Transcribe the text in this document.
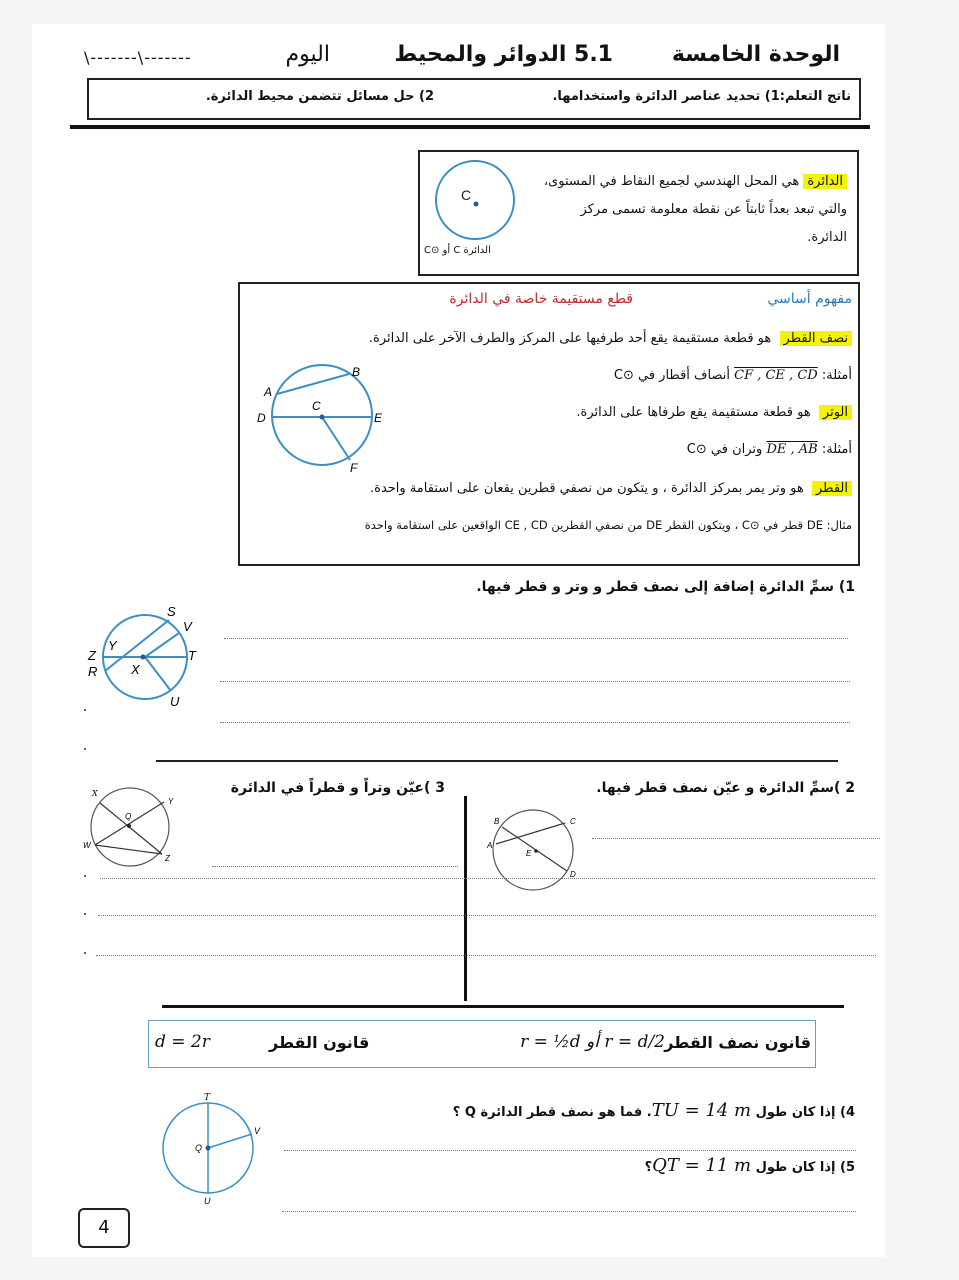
الوحدة الخامسة
5.1 الدوائر والمحيط
اليوم
\-------\-------
ناتج التعلم:1) تحديد عناصر الدائرة واستخدامها.
2) حل مسائل تتضمن محيط الدائرة.
C
الدائرة C أو ⊙C
الدائرة هي المحل الهندسي لجميع النقاط في المستوى، والتي تبعد بعداً ثابتاً عن نقطة معلومة تسمى مركز الدائرة.
مفهوم أساسي
قطع مستقيمة خاصة في الدائرة
نصف القطر  هو قطعة مستقيمة يقع أحد طرفيها على المركز والطرف الآخر على الدائرة.
أمثلة: CF , CE , CD أنصاف أقطار في ⊙C
الوتر  هو قطعة مستقيمة يقع طرفاها على الدائرة.
أمثلة: DE , AB وتران في ⊙C
القطر  هو وتر يمر بمركز الدائرة ، و يتكون من نصفي قطرين يقعان على استقامة واحدة.
مثال: DE قطر في ⊙C ، ويتكون القطر DE من نصفي القطرين CE , CD الواقعين على استقامة واحدة
A
B
C
D	E
F
1) سمِّ الدائرة إضافة إلى نصف قطر و وتر و قطر فيها.
S
V
Z
Y
T
R	X
U
3 )عيّن وتراً و قطراً في الدائرة
X
Y
Q
W
Z
2 )سمِّ الدائرة و عيّن نصف قطر فيها.
B	C
A
E
D
قانون نصف القطر
r = d/2 أو r = ½d
قانون القطر
d = 2r
4) إذا كان طول TU = 14 m. فما هو نصف قطر الدائرة Q ؟
5) إذا كان طول QT = 11 m؟
T
V
Q
U
4
